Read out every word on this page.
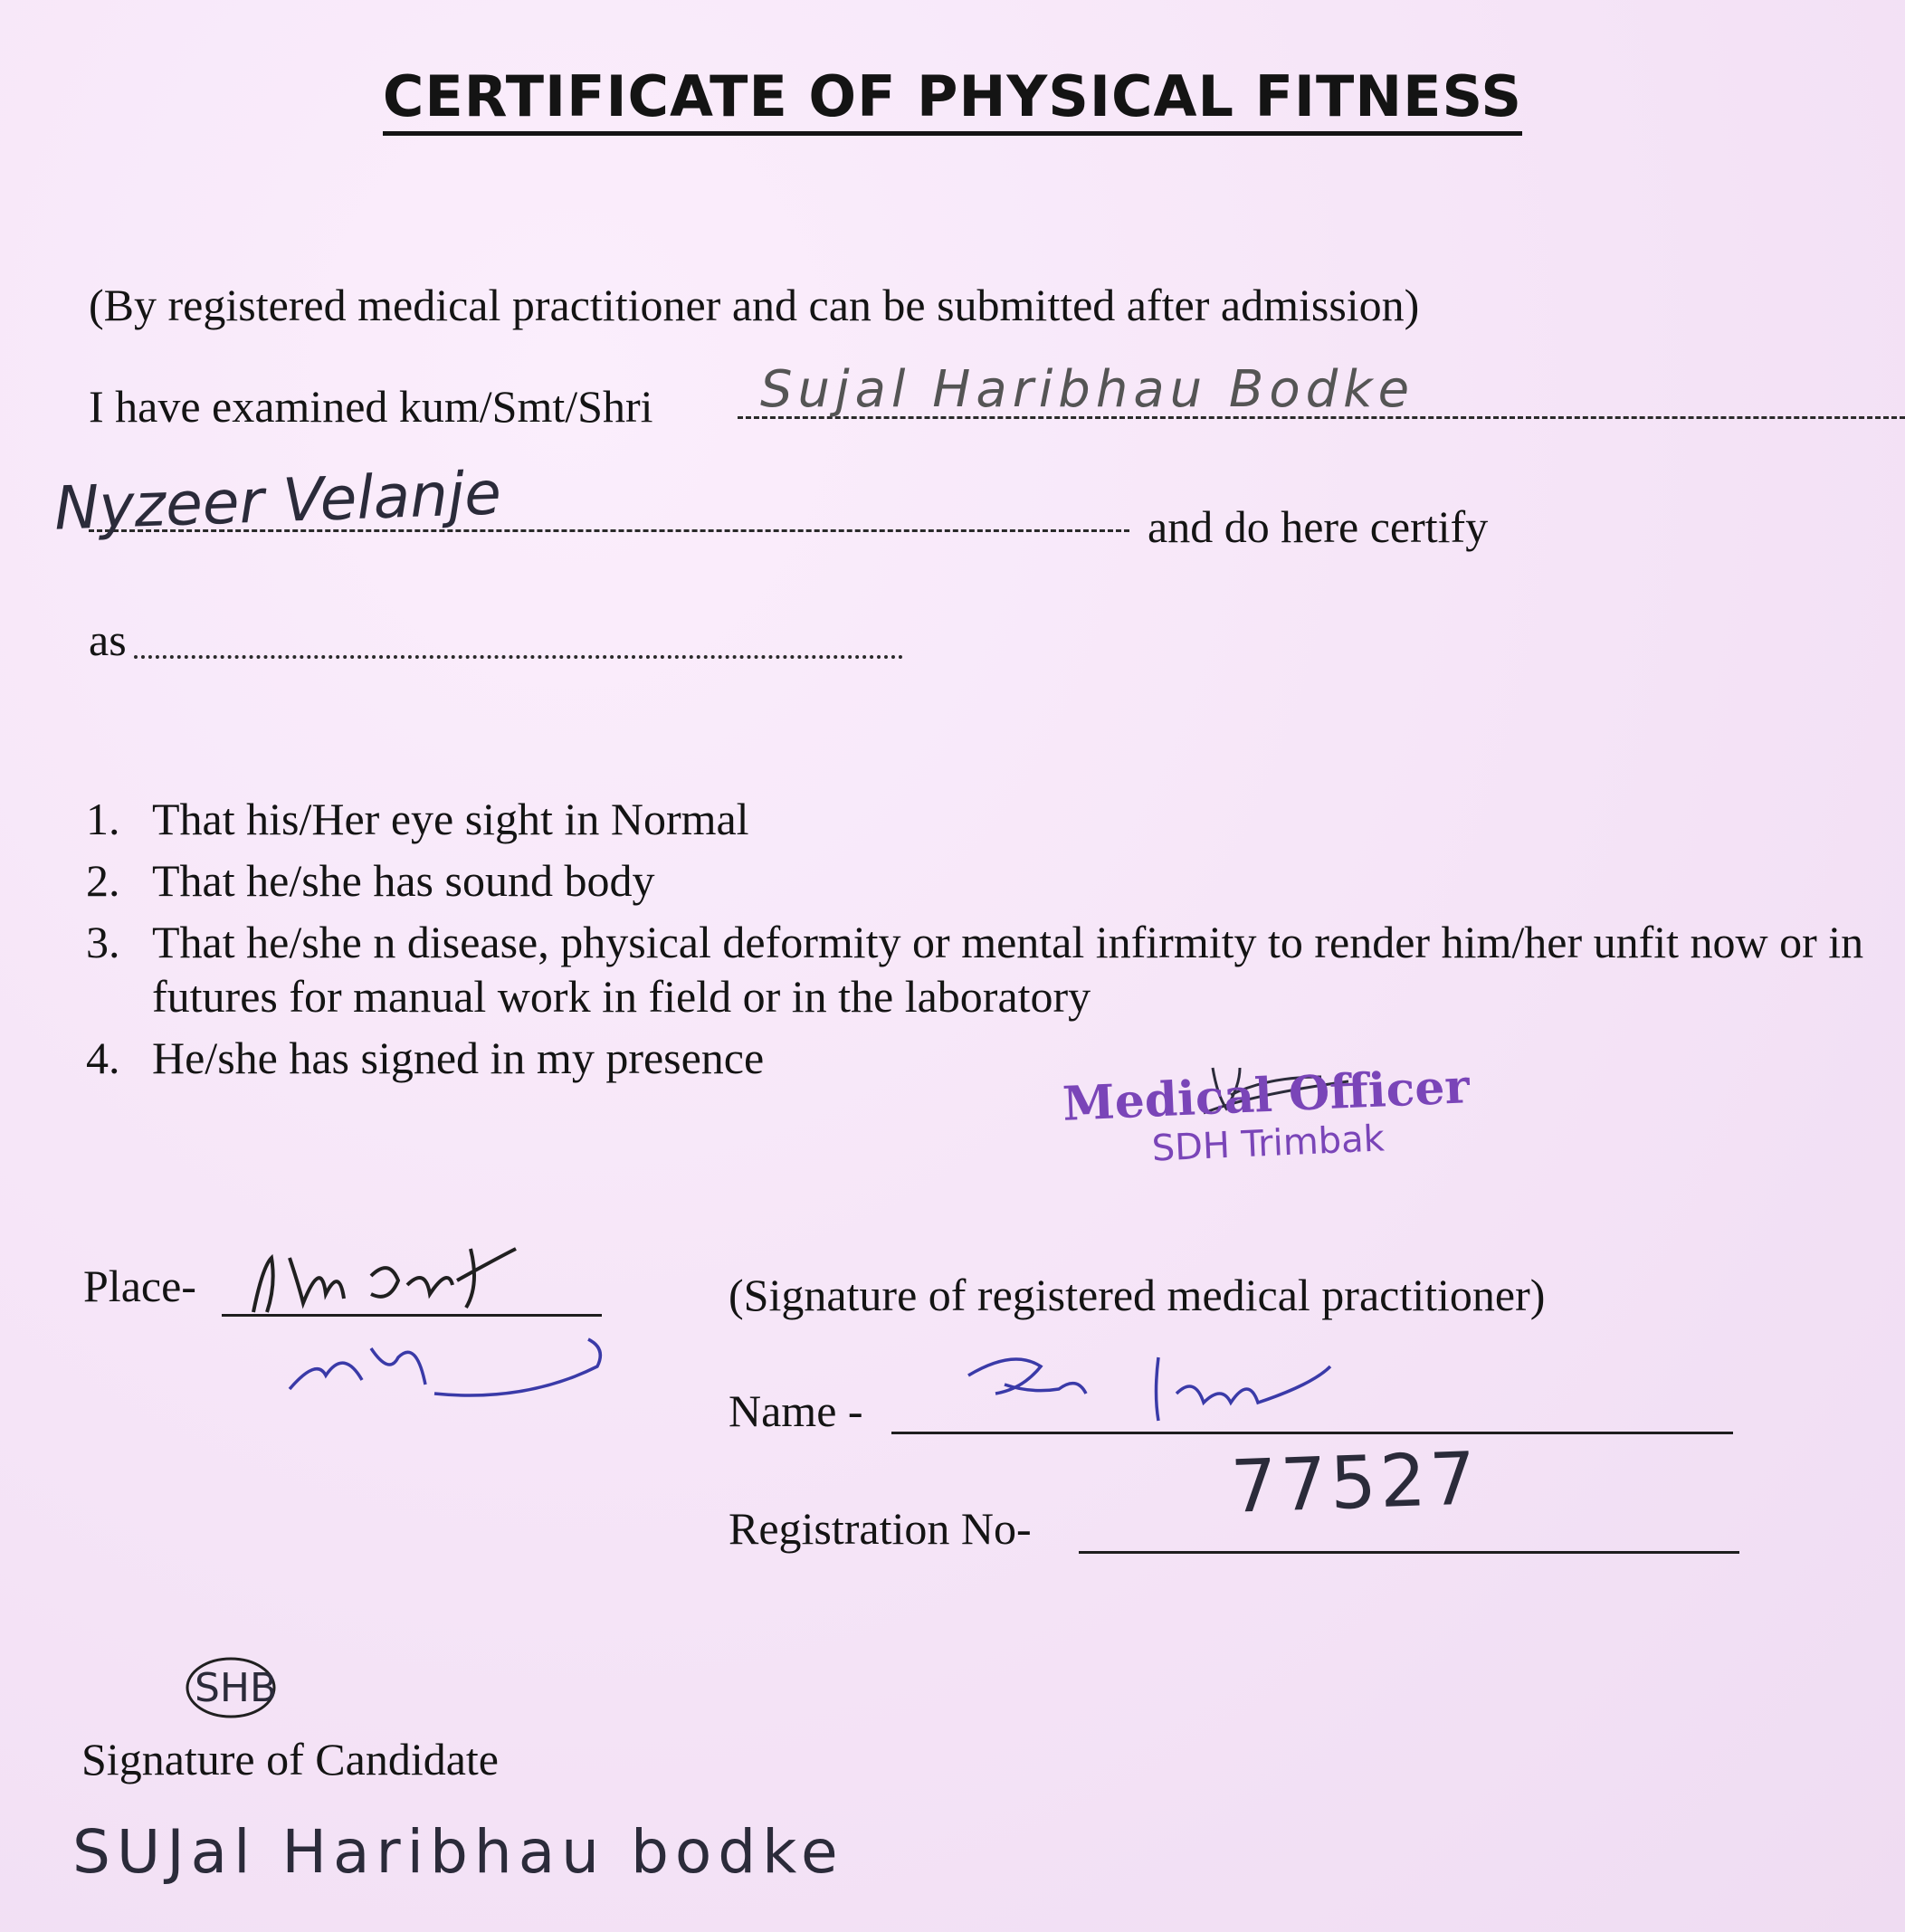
CERTIFICATE OF PHYSICAL FITNESS
(By registered medical practitioner and can be submitted after admission)
I have examined kum/Smt/Shri Sujal Haribhau Bodke
Nyzeer Velanje	and do here certify
as
1. That his/Her eye sight in Normal
2. That he/she has sound body
3. That he/she n disease, physical deformity or mental infirmity to render him/her unfit now or in futures for manual work in field or in the laboratory
4. He/she has signed in my presence
Medical Officer
SDH Trimbak
Place-	(Signature of registered medical practitioner)
Name -
Registration No-	77527
SHB
Signature of Candidate
SUJal Haribhau bodke
